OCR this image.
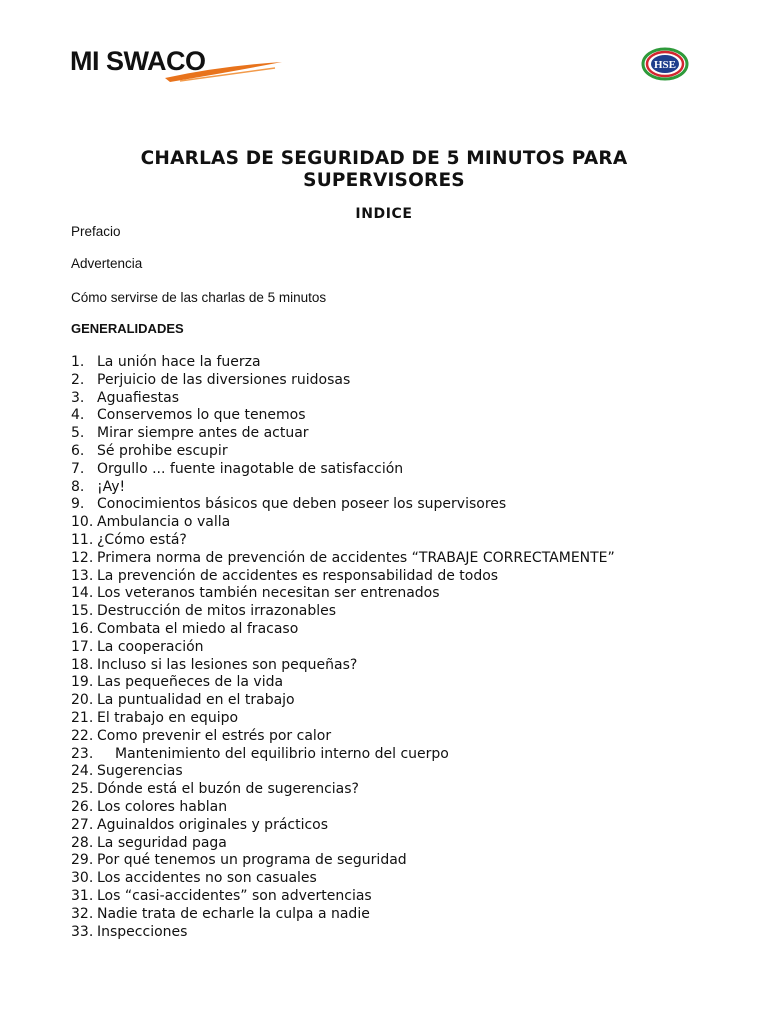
MI SWACO	HSE
CHARLAS DE SEGURIDAD DE 5 MINUTOS PARA
SUPERVISORES
INDICE
Prefacio
Advertencia
Cómo servirse de las charlas de 5 minutos
GENERALIDADES
1. La unión hace la fuerza
2. Perjuicio de las diversiones ruidosas
3. Aguafiestas
4. Conservemos lo que tenemos
5. Mirar siempre antes de actuar
6. Sé prohibe escupir
7. Orgullo ... fuente inagotable de satisfacción
8. ¡Ay!
9. Conocimientos básicos que deben poseer los supervisores
10. Ambulancia o valla
11. ¿Cómo está?
12. Primera norma de prevención de accidentes “TRABAJE CORRECTAMENTE”
13. La prevención de accidentes es responsabilidad de todos
14. Los veteranos también necesitan ser entrenados
15. Destrucción de mitos irrazonables
16. Combata el miedo al fracaso
17. La cooperación
18. Incluso si las lesiones son pequeñas?
19. Las pequeñeces de la vida
20. La puntualidad en el trabajo
21. El trabajo en equipo
22. Como prevenir el estrés por calor
23. Mantenimiento del equilibrio interno del cuerpo
24. Sugerencias
25. Dónde está el buzón de sugerencias?
26. Los colores hablan
27. Aguinaldos originales y prácticos
28. La seguridad paga
29. Por qué tenemos un programa de seguridad
30. Los accidentes no son casuales
31. Los “casi-accidentes” son advertencias
32. Nadie trata de echarle la culpa a nadie
33. Inspecciones
